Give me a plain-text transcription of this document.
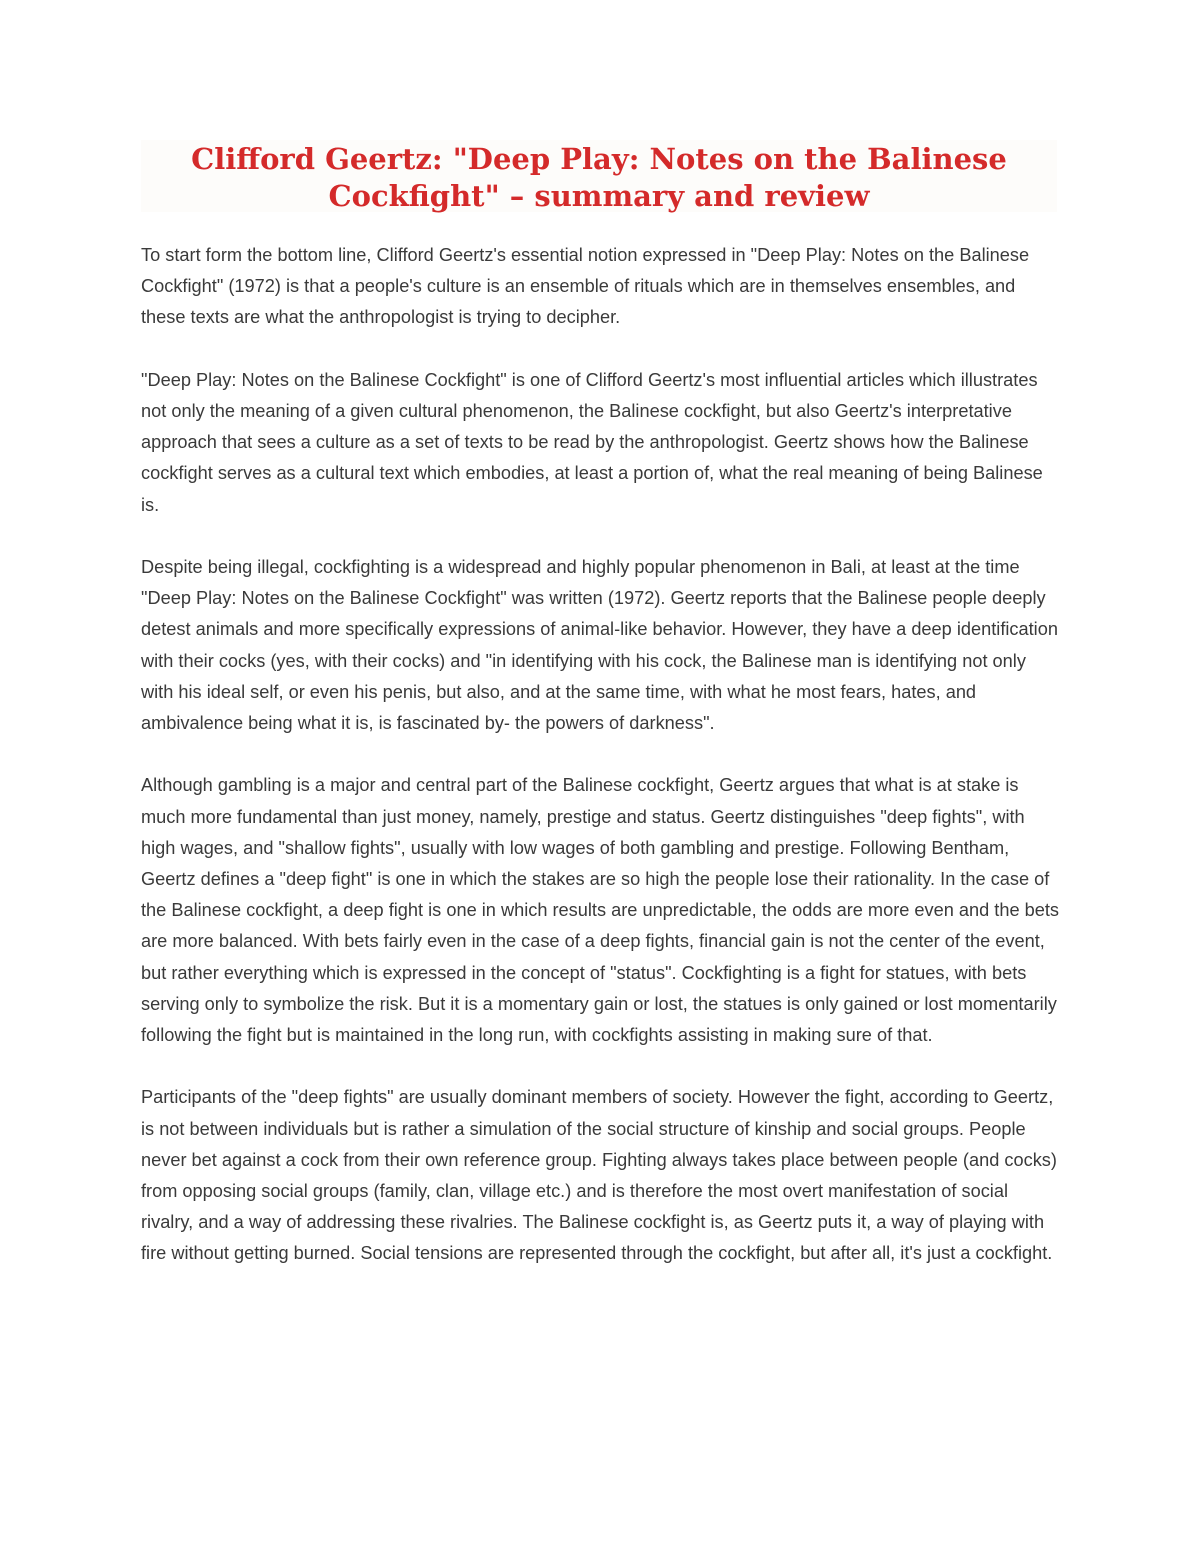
Clifford Geertz: "Deep Play: Notes on the Balinese Cockfight" – summary and review

To start form the bottom line, Clifford Geertz's essential notion expressed in "Deep Play: Notes on the Balinese Cockfight" (1972) is that a people's culture is an ensemble of rituals which are in themselves ensembles, and these texts are what the anthropologist is trying to decipher.

"Deep Play: Notes on the Balinese Cockfight" is one of Clifford Geertz's most influential articles which illustrates not only the meaning of a given cultural phenomenon, the Balinese cockfight, but also Geertz's interpretative approach that sees a culture as a set of texts to be read by the anthropologist. Geertz shows how the Balinese cockfight serves as a cultural text which embodies, at least a portion of, what the real meaning of being Balinese is.

Despite being illegal, cockfighting is a widespread and highly popular phenomenon in Bali, at least at the time "Deep Play: Notes on the Balinese Cockfight" was written (1972). Geertz reports that the Balinese people deeply detest animals and more specifically expressions of animal-like behavior. However, they have a deep identification with their cocks (yes, with their cocks) and "in identifying with his cock, the Balinese man is identifying not only with his ideal self, or even his penis, but also, and at the same time, with what he most fears, hates, and ambivalence being what it is, is fascinated by- the powers of darkness".

Although gambling is a major and central part of the Balinese cockfight, Geertz argues that what is at stake is much more fundamental than just money, namely, prestige and status. Geertz distinguishes "deep fights", with high wages, and "shallow fights", usually with low wages of both gambling and prestige. Following Bentham, Geertz defines a "deep fight" is one in which the stakes are so high the people lose their rationality. In the case of the Balinese cockfight, a deep fight is one in which results are unpredictable, the odds are more even and the bets are more balanced. With bets fairly even in the case of a deep fights, financial gain is not the center of the event, but rather everything which is expressed in the concept of "status". Cockfighting is a fight for statues, with bets serving only to symbolize the risk. But it is a momentary gain or lost, the statues is only gained or lost momentarily following the fight but is maintained in the long run, with cockfights assisting in making sure of that.

Participants of the "deep fights" are usually dominant members of society. However the fight, according to Geertz, is not between individuals but is rather a simulation of the social structure of kinship and social groups. People never bet against a cock from their own reference group. Fighting always takes place between people (and cocks) from opposing social groups (family, clan, village etc.) and is therefore the most overt manifestation of social rivalry, and a way of addressing these rivalries. The Balinese cockfight is, as Geertz puts it, a way of playing with fire without getting burned. Social tensions are represented through the cockfight, but after all, it's just a cockfight.
